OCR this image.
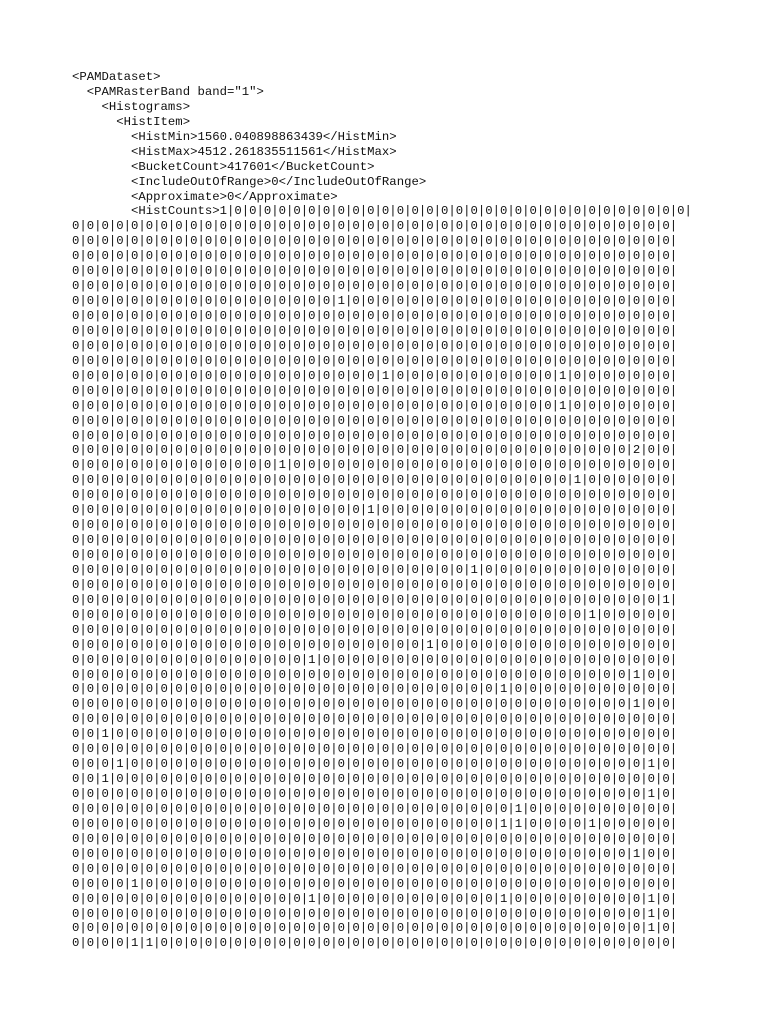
<PAMDataset>
<PAMRasterBand band="1">
<Histograms>
<HistItem>
<HistMin>1560.040898863439</HistMin>
<HistMax>4512.261835511561</HistMax>
<BucketCount>417601</BucketCount>
<IncludeOutOfRange>0</IncludeOutOfRange>
<Approximate>0</Approximate>
<HistCounts>1|0|0|0|0|0|0|0|0|0|0|0|0|0|0|0|0|0|0|0|0|0|0|0|0|0|0|0|0|0|0|0|
0|0|0|0|0|0|0|0|0|0|0|0|0|0|0|0|0|0|0|0|0|0|0|0|0|0|0|0|0|0|0|0|0|0|0|0|0|0|0|0|0|
0|0|0|0|0|0|0|0|0|0|0|0|0|0|0|0|0|0|0|0|0|0|0|0|0|0|0|0|0|0|0|0|0|0|0|0|0|0|0|0|0|
0|0|0|0|0|0|0|0|0|0|0|0|0|0|0|0|0|0|0|0|0|0|0|0|0|0|0|0|0|0|0|0|0|0|0|0|0|0|0|0|0|
0|0|0|0|0|0|0|0|0|0|0|0|0|0|0|0|0|0|0|0|0|0|0|0|0|0|0|0|0|0|0|0|0|0|0|0|0|0|0|0|0|
0|0|0|0|0|0|0|0|0|0|0|0|0|0|0|0|0|0|0|0|0|0|0|0|0|0|0|0|0|0|0|0|0|0|0|0|0|0|0|0|0|
0|0|0|0|0|0|0|0|0|0|0|0|0|0|0|0|0|0|1|0|0|0|0|0|0|0|0|0|0|0|0|0|0|0|0|0|0|0|0|0|0|
0|0|0|0|0|0|0|0|0|0|0|0|0|0|0|0|0|0|0|0|0|0|0|0|0|0|0|0|0|0|0|0|0|0|0|0|0|0|0|0|0|
0|0|0|0|0|0|0|0|0|0|0|0|0|0|0|0|0|0|0|0|0|0|0|0|0|0|0|0|0|0|0|0|0|0|0|0|0|0|0|0|0|
0|0|0|0|0|0|0|0|0|0|0|0|0|0|0|0|0|0|0|0|0|0|0|0|0|0|0|0|0|0|0|0|0|0|0|0|0|0|0|0|0|
0|0|0|0|0|0|0|0|0|0|0|0|0|0|0|0|0|0|0|0|0|0|0|0|0|0|0|0|0|0|0|0|0|0|0|0|0|0|0|0|0|
0|0|0|0|0|0|0|0|0|0|0|0|0|0|0|0|0|0|0|0|0|1|0|0|0|0|0|0|0|0|0|0|0|1|0|0|0|0|0|0|0|
0|0|0|0|0|0|0|0|0|0|0|0|0|0|0|0|0|0|0|0|0|0|0|0|0|0|0|0|0|0|0|0|0|0|0|0|0|0|0|0|0|
0|0|0|0|0|0|0|0|0|0|0|0|0|0|0|0|0|0|0|0|0|0|0|0|0|0|0|0|0|0|0|0|0|1|0|0|0|0|0|0|0|
0|0|0|0|0|0|0|0|0|0|0|0|0|0|0|0|0|0|0|0|0|0|0|0|0|0|0|0|0|0|0|0|0|0|0|0|0|0|0|0|0|
0|0|0|0|0|0|0|0|0|0|0|0|0|0|0|0|0|0|0|0|0|0|0|0|0|0|0|0|0|0|0|0|0|0|0|0|0|0|0|0|0|
0|0|0|0|0|0|0|0|0|0|0|0|0|0|0|0|0|0|0|0|0|0|0|0|0|0|0|0|0|0|0|0|0|0|0|0|0|0|2|0|0|
0|0|0|0|0|0|0|0|0|0|0|0|0|0|1|0|0|0|0|0|0|0|0|0|0|0|0|0|0|0|0|0|0|0|0|0|0|0|0|0|0|
0|0|0|0|0|0|0|0|0|0|0|0|0|0|0|0|0|0|0|0|0|0|0|0|0|0|0|0|0|0|0|0|0|0|1|0|0|0|0|0|0|
0|0|0|0|0|0|0|0|0|0|0|0|0|0|0|0|0|0|0|0|0|0|0|0|0|0|0|0|0|0|0|0|0|0|0|0|0|0|0|0|0|
0|0|0|0|0|0|0|0|0|0|0|0|0|0|0|0|0|0|0|0|1|0|0|0|0|0|0|0|0|0|0|0|0|0|0|0|0|0|0|0|0|
0|0|0|0|0|0|0|0|0|0|0|0|0|0|0|0|0|0|0|0|0|0|0|0|0|0|0|0|0|0|0|0|0|0|0|0|0|0|0|0|0|
0|0|0|0|0|0|0|0|0|0|0|0|0|0|0|0|0|0|0|0|0|0|0|0|0|0|0|0|0|0|0|0|0|0|0|0|0|0|0|0|0|
0|0|0|0|0|0|0|0|0|0|0|0|0|0|0|0|0|0|0|0|0|0|0|0|0|0|0|0|0|0|0|0|0|0|0|0|0|0|0|0|0|
0|0|0|0|0|0|0|0|0|0|0|0|0|0|0|0|0|0|0|0|0|0|0|0|0|0|0|1|0|0|0|0|0|0|0|0|0|0|0|0|0|
0|0|0|0|0|0|0|0|0|0|0|0|0|0|0|0|0|0|0|0|0|0|0|0|0|0|0|0|0|0|0|0|0|0|0|0|0|0|0|0|0|
0|0|0|0|0|0|0|0|0|0|0|0|0|0|0|0|0|0|0|0|0|0|0|0|0|0|0|0|0|0|0|0|0|0|0|0|0|0|0|0|1|
0|0|0|0|0|0|0|0|0|0|0|0|0|0|0|0|0|0|0|0|0|0|0|0|0|0|0|0|0|0|0|0|0|0|0|1|0|0|0|0|0|
0|0|0|0|0|0|0|0|0|0|0|0|0|0|0|0|0|0|0|0|0|0|0|0|0|0|0|0|0|0|0|0|0|0|0|0|0|0|0|0|0|
0|0|0|0|0|0|0|0|0|0|0|0|0|0|0|0|0|0|0|0|0|0|0|0|1|0|0|0|0|0|0|0|0|0|0|0|0|0|0|0|0|
0|0|0|0|0|0|0|0|0|0|0|0|0|0|0|0|1|0|0|0|0|0|0|0|0|0|0|0|0|0|0|0|0|0|0|0|0|0|0|0|0|
0|0|0|0|0|0|0|0|0|0|0|0|0|0|0|0|0|0|0|0|0|0|0|0|0|0|0|0|0|0|0|0|0|0|0|0|0|0|1|0|0|
0|0|0|0|0|0|0|0|0|0|0|0|0|0|0|0|0|0|0|0|0|0|0|0|0|0|0|0|0|1|0|0|0|0|0|0|0|0|0|0|0|
0|0|0|0|0|0|0|0|0|0|0|0|0|0|0|0|0|0|0|0|0|0|0|0|0|0|0|0|0|0|0|0|0|0|0|0|0|0|1|0|0|
0|0|0|0|0|0|0|0|0|0|0|0|0|0|0|0|0|0|0|0|0|0|0|0|0|0|0|0|0|0|0|0|0|0|0|0|0|0|0|0|0|
0|0|1|0|0|0|0|0|0|0|0|0|0|0|0|0|0|0|0|0|0|0|0|0|0|0|0|0|0|0|0|0|0|0|0|0|0|0|0|0|0|
0|0|0|0|0|0|0|0|0|0|0|0|0|0|0|0|0|0|0|0|0|0|0|0|0|0|0|0|0|0|0|0|0|0|0|0|0|0|0|0|0|
0|0|0|1|0|0|0|0|0|0|0|0|0|0|0|0|0|0|0|0|0|0|0|0|0|0|0|0|0|0|0|0|0|0|0|0|0|0|0|1|0|
0|0|1|0|0|0|0|0|0|0|0|0|0|0|0|0|0|0|0|0|0|0|0|0|0|0|0|0|0|0|0|0|0|0|0|0|0|0|0|0|0|
0|0|0|0|0|0|0|0|0|0|0|0|0|0|0|0|0|0|0|0|0|0|0|0|0|0|0|0|0|0|0|0|0|0|0|0|0|0|0|1|0|
0|0|0|0|0|0|0|0|0|0|0|0|0|0|0|0|0|0|0|0|0|0|0|0|0|0|0|0|0|0|1|0|0|0|0|0|0|0|0|0|0|
0|0|0|0|0|0|0|0|0|0|0|0|0|0|0|0|0|0|0|0|0|0|0|0|0|0|0|0|0|1|1|0|0|0|0|1|0|0|0|0|0|
0|0|0|0|0|0|0|0|0|0|0|0|0|0|0|0|0|0|0|0|0|0|0|0|0|0|0|0|0|0|0|0|0|0|0|0|0|0|0|0|0|
0|0|0|0|0|0|0|0|0|0|0|0|0|0|0|0|0|0|0|0|0|0|0|0|0|0|0|0|0|0|0|0|0|0|0|0|0|0|1|0|0|
0|0|0|0|0|0|0|0|0|0|0|0|0|0|0|0|0|0|0|0|0|0|0|0|0|0|0|0|0|0|0|0|0|0|0|0|0|0|0|0|0|
0|0|0|0|1|0|0|0|0|0|0|0|0|0|0|0|0|0|0|0|0|0|0|0|0|0|0|0|0|0|0|0|0|0|0|0|0|0|0|0|0|
0|0|0|0|0|0|0|0|0|0|0|0|0|0|0|0|1|0|0|0|0|0|0|0|0|0|0|0|0|1|0|0|0|0|0|0|0|0|0|1|0|
0|0|0|0|0|0|0|0|0|0|0|0|0|0|0|0|0|0|0|0|0|0|0|0|0|0|0|0|0|0|0|0|0|0|0|0|0|0|0|1|0|
0|0|0|0|0|0|0|0|0|0|0|0|0|0|0|0|0|0|0|0|0|0|0|0|0|0|0|0|0|0|0|0|0|0|0|0|0|0|0|1|0|
0|0|0|0|1|1|0|0|0|0|0|0|0|0|0|0|0|0|0|0|0|0|0|0|0|0|0|0|0|0|0|0|0|0|0|0|0|0|0|0|0|
